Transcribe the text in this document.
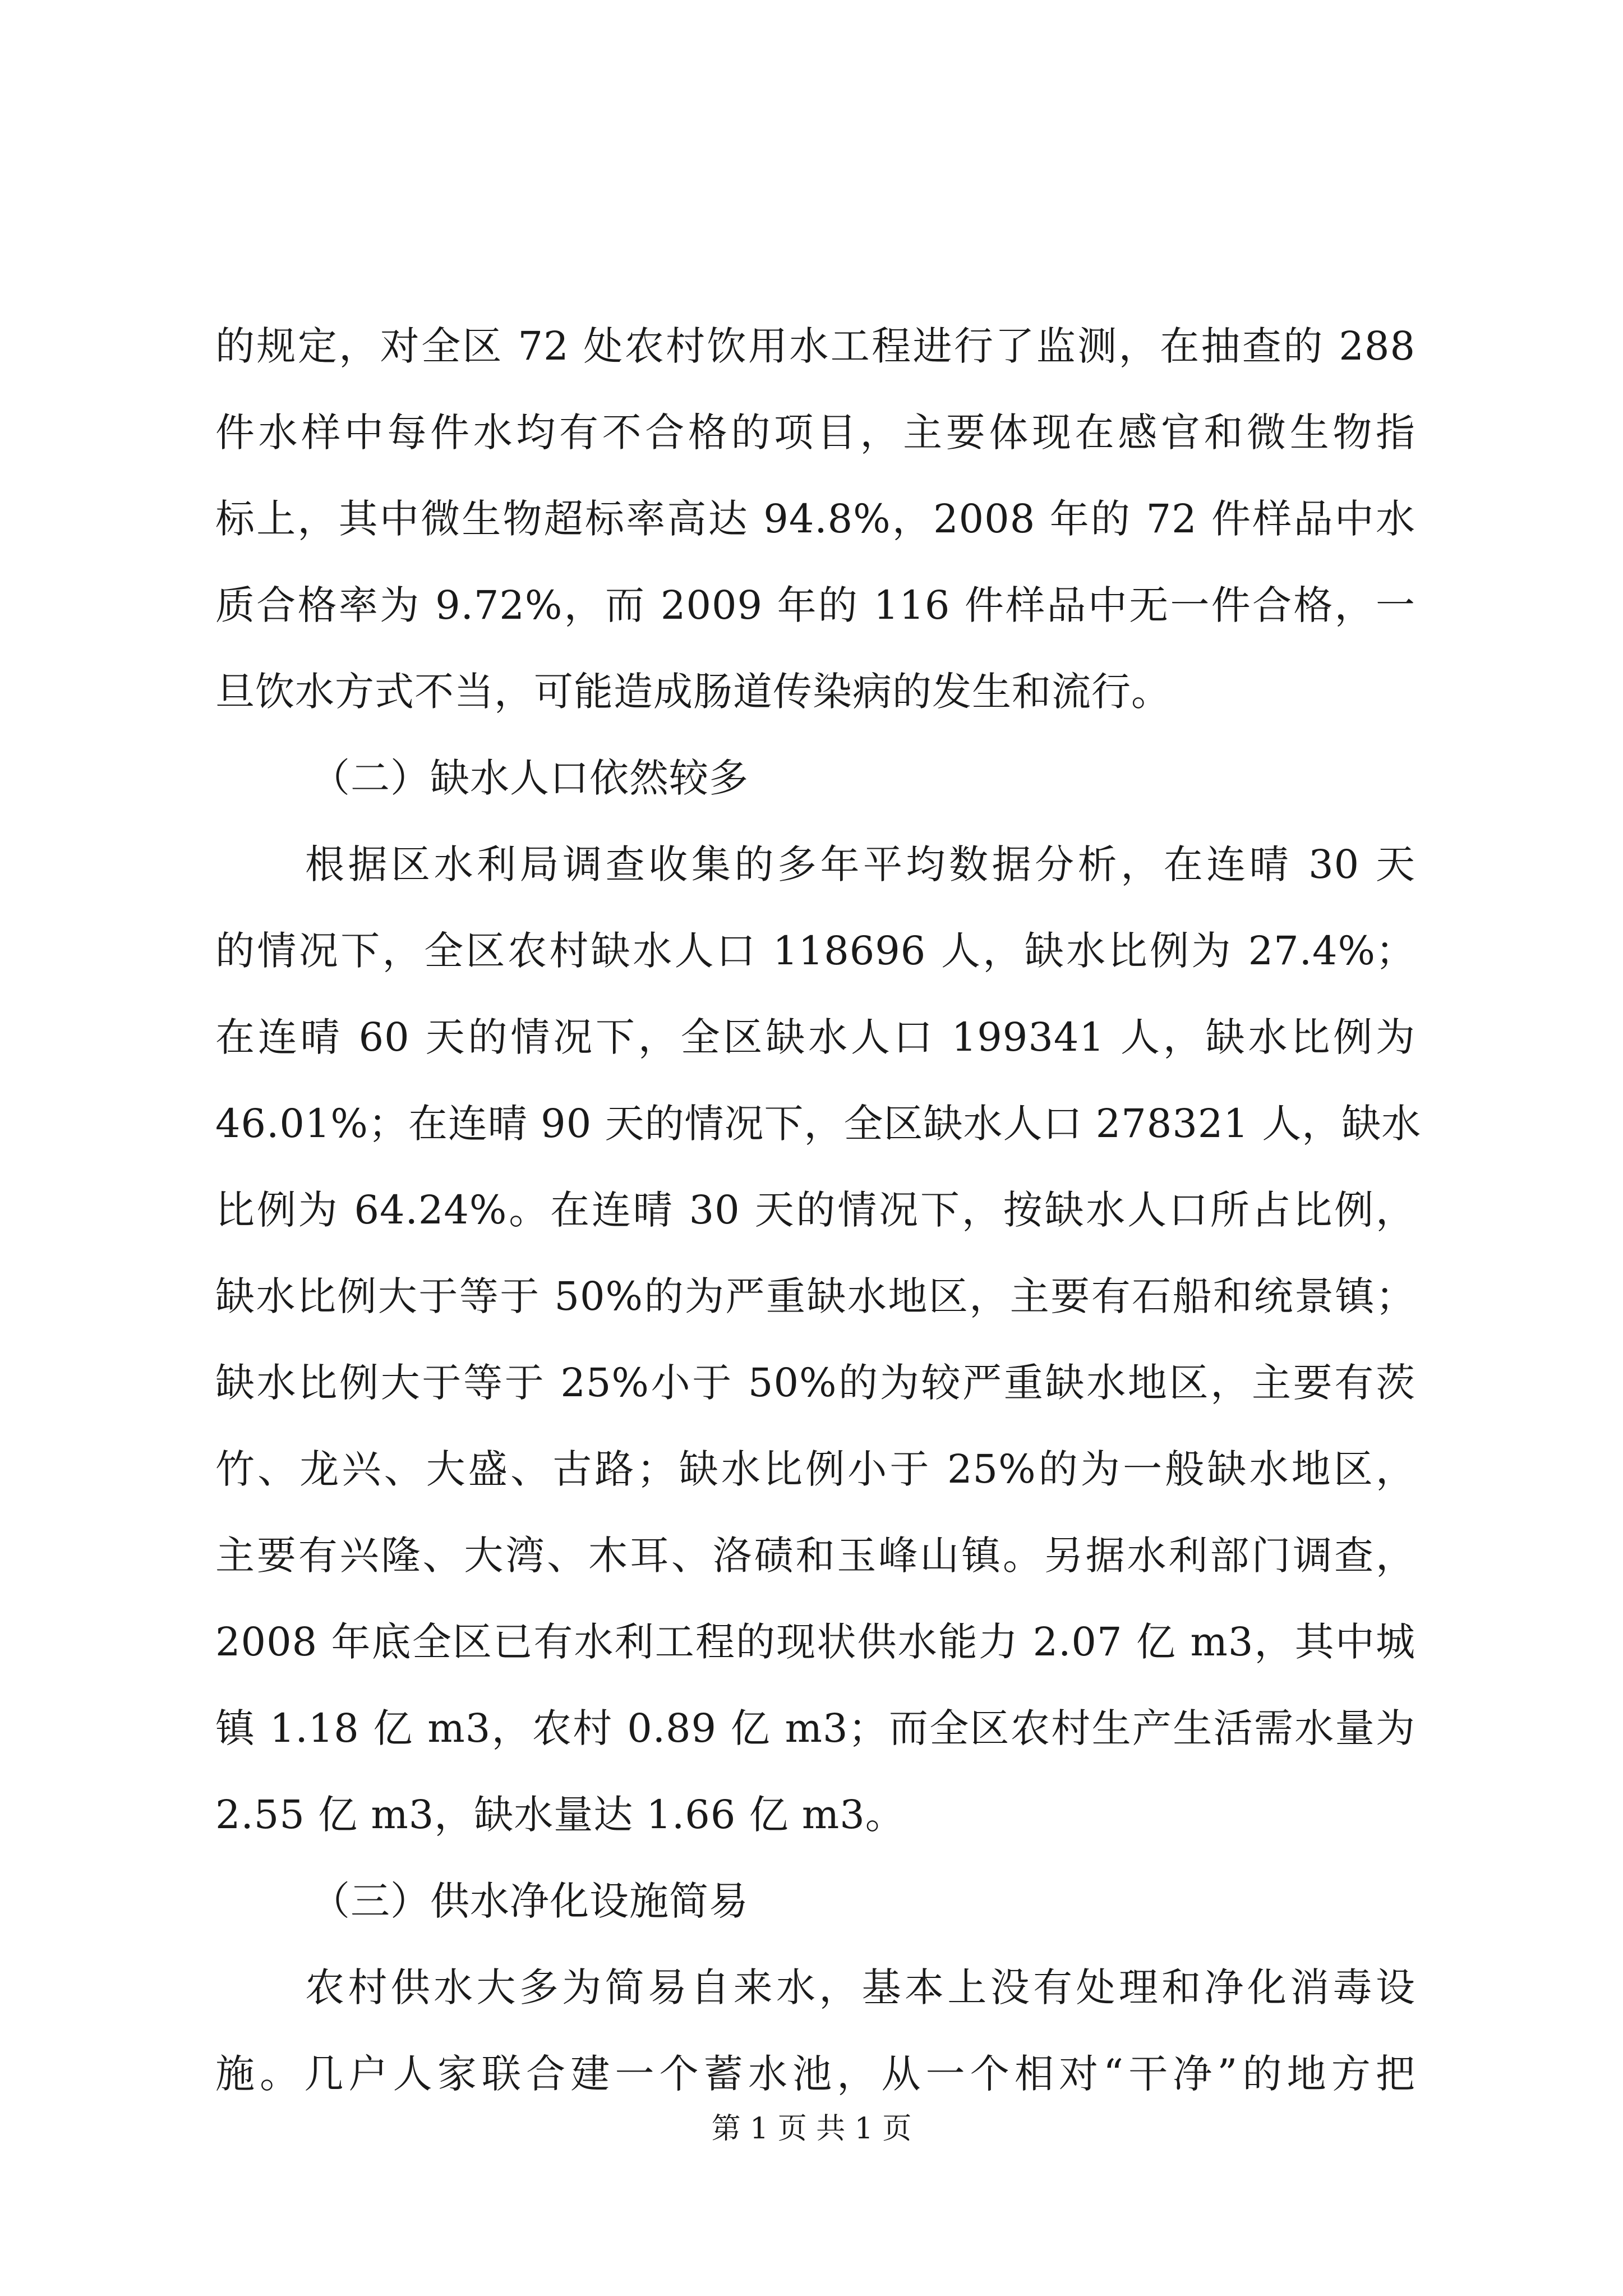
的规定，对全区 72 处农村饮用水工程进行了监测，在抽查的 288
件水样中每件水均有不合格的项目，主要体现在感官和微生物指
标上，其中微生物超标率高达 94.8%，2008 年的 72 件样品中水
质合格率为 9.72%，而 2009 年的 116 件样品中无一件合格，一
旦饮水方式不当，可能造成肠道传染病的发生和流行。
（二）缺水人口依然较多
根据区水利局调查收集的多年平均数据分析，在连晴 30 天
的情况下，全区农村缺水人口 118696 人，缺水比例为 27.4%；
在连晴 60 天的情况下，全区缺水人口 199341 人，缺水比例为
46.01%；在连晴 90 天的情况下，全区缺水人口 278321 人，缺水
比例为 64.24%。在连晴 30 天的情况下，按缺水人口所占比例，
缺水比例大于等于 50%的为严重缺水地区，主要有石船和统景镇；
缺水比例大于等于 25%小于 50%的为较严重缺水地区，主要有茨
竹、龙兴、大盛、古路；缺水比例小于 25%的为一般缺水地区，
主要有兴隆、大湾、木耳、洛碛和玉峰山镇。另据水利部门调查，
2008 年底全区已有水利工程的现状供水能力 2.07 亿 m3，其中城
镇 1.18 亿 m3，农村 0.89 亿 m3；而全区农村生产生活需水量为
2.55 亿 m3，缺水量达 1.66 亿 m3。
（三）供水净化设施简易
农村供水大多为简易自来水，基本上没有处理和净化消毒设
施。几户人家联合建一个蓄水池，从一个相对“干净”的地方把
第 1 页 共 1 页
